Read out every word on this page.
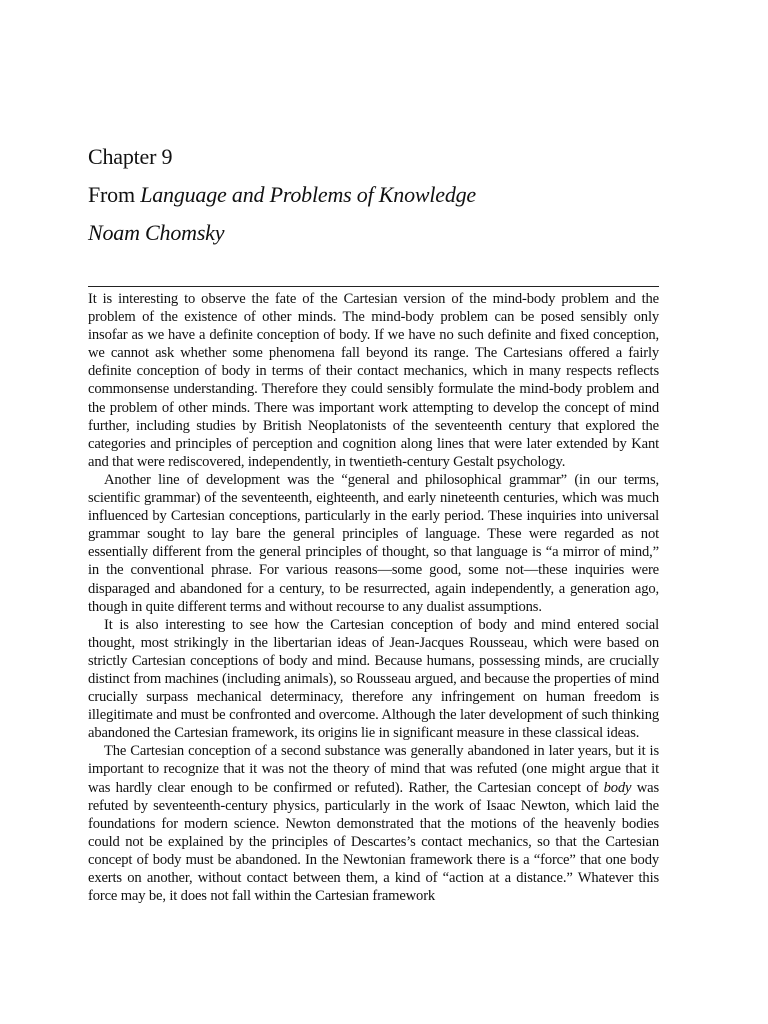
Chapter 9
From Language and Problems of Knowledge
Noam Chomsky

It is interesting to observe the fate of the Cartesian version of the mind-body problem and the problem of the existence of other minds. The mind-body problem can be posed sensibly only insofar as we have a definite conception of body. If we have no such definite and fixed conception, we cannot ask whether some phenomena fall beyond its range. The Cartesians offered a fairly definite conception of body in terms of their contact mechanics, which in many respects reflects commonsense understanding. Therefore they could sensibly formulate the mind-body problem and the problem of other minds. There was important work attempting to develop the concept of mind further, including studies by British Neoplatonists of the seventeenth century that explored the categories and principles of perception and cognition along lines that were later extended by Kant and that were rediscovered, independently, in twentieth-century Gestalt psychology.

Another line of development was the “general and philosophical grammar” (in our terms, scientific grammar) of the seventeenth, eighteenth, and early nineteenth centuries, which was much influenced by Cartesian conceptions, particularly in the early period. These inquiries into universal grammar sought to lay bare the general principles of language. These were regarded as not essentially different from the general principles of thought, so that language is “a mirror of mind,” in the conventional phrase. For various reasons—some good, some not—these inquiries were disparaged and abandoned for a century, to be resurrected, again independently, a generation ago, though in quite different terms and without recourse to any dualist assumptions.

It is also interesting to see how the Cartesian conception of body and mind entered social thought, most strikingly in the libertarian ideas of Jean-Jacques Rousseau, which were based on strictly Cartesian conceptions of body and mind. Because humans, possessing minds, are crucially distinct from machines (including animals), so Rousseau argued, and because the properties of mind crucially surpass mechanical determinacy, therefore any infringement on human freedom is illegitimate and must be confronted and overcome. Although the later development of such thinking abandoned the Cartesian framework, its origins lie in significant measure in these classical ideas.

The Cartesian conception of a second substance was generally abandoned in later years, but it is important to recognize that it was not the theory of mind that was refuted (one might argue that it was hardly clear enough to be confirmed or refuted). Rather, the Cartesian concept of body was refuted by seventeenth-century physics, particularly in the work of Isaac Newton, which laid the foundations for modern science. Newton demonstrated that the motions of the heavenly bodies could not be explained by the principles of Descartes’s contact mechanics, so that the Cartesian concept of body must be abandoned. In the Newtonian framework there is a “force” that one body exerts on another, without contact between them, a kind of “action at a distance.” Whatever this force may be, it does not fall within the Cartesian framework
